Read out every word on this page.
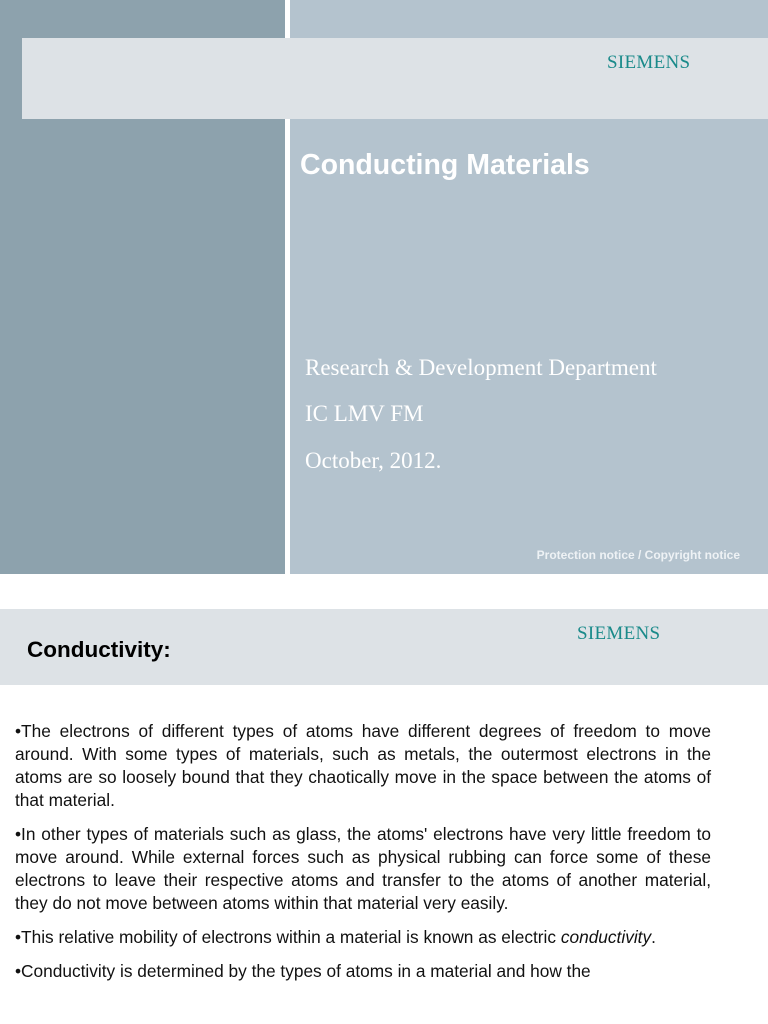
SIEMENS
Conducting Materials
Research & Development Department
IC LMV FM
October, 2012.
Protection notice / Copyright notice
SIEMENS
Conductivity:

•The electrons of different types of atoms have different degrees of freedom to move around. With some types of materials, such as metals, the outermost electrons in the atoms are so loosely bound that they chaotically move in the space between the atoms of that material.

•In other types of materials such as glass, the atoms' electrons have very little freedom to move around. While external forces such as physical rubbing can force some of these electrons to leave their respective atoms and transfer to the atoms of another material, they do not move between atoms within that material very easily.

•This relative mobility of electrons within a material is known as electric conductivity.

•Conductivity is determined by the types of atoms in a material and how the
